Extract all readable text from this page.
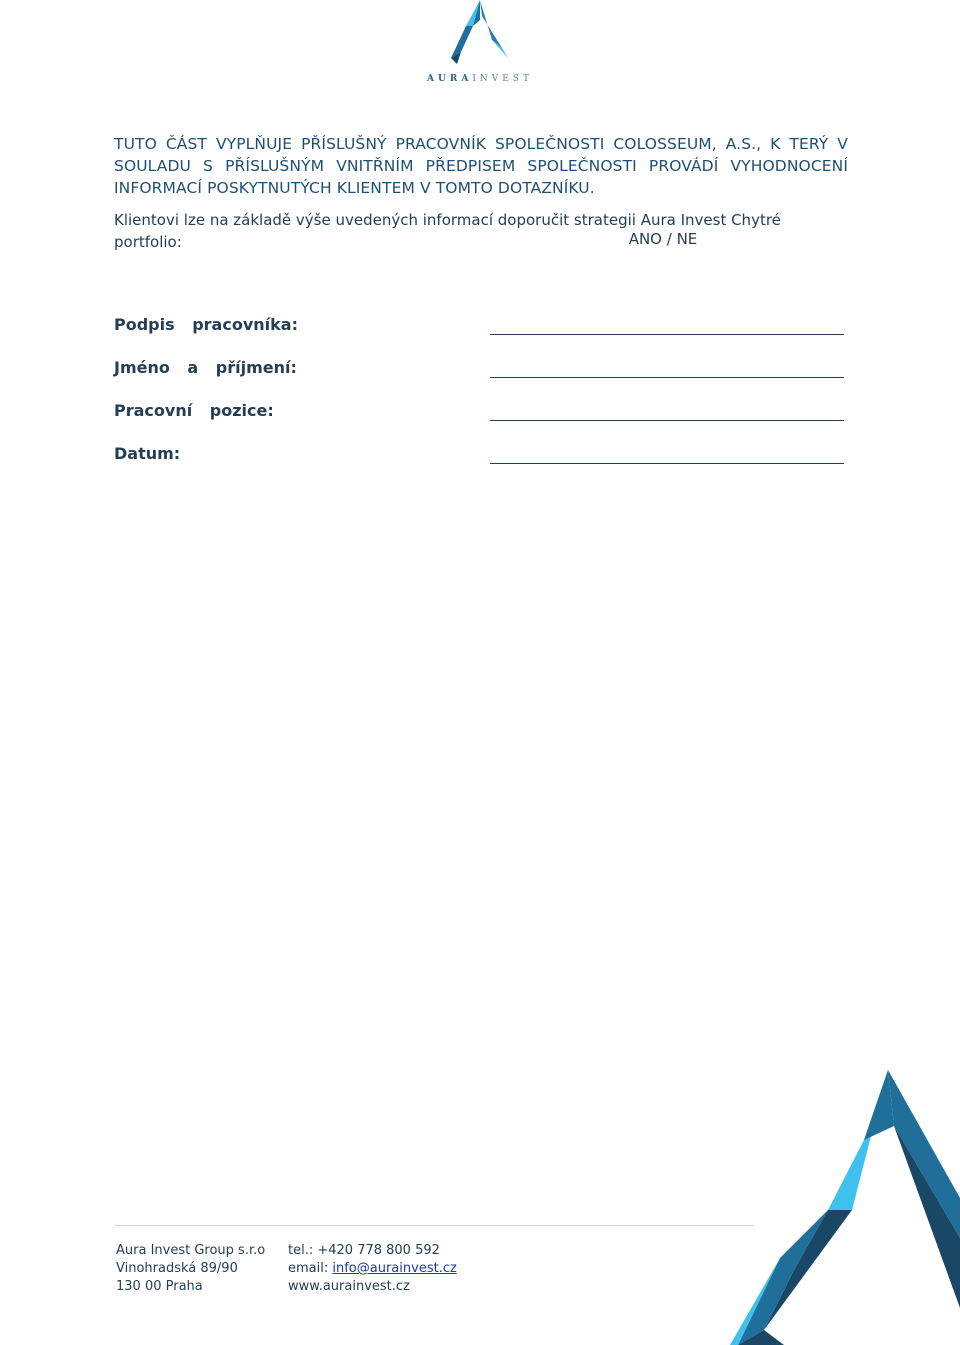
AURAINVEST

TUTO ČÁST VYPLŇUJE PŘÍSLUŠNÝ PRACOVNÍK SPOLEČNOSTI COLOSSEUM, A.S., K TERÝ V SOULADU S PŘÍSLUŠNÝM VNITŘNÍM PŘEDPISEM SPOLEČNOSTI PROVÁDÍ VYHODNOCENÍ INFORMACÍ POSKYTNUTÝCH KLIENTEM V TOMTO DOTAZNÍKU.

Klientovi lze na základě výše uvedených informací doporučit strategii Aura Invest Chytré portfolio:	ANO / NE
Podpis pracovníka:
Jméno a příjmení:
Pracovní pozice:
Datum:
Aura Invest Group s.r.o
Vinohradská 89/90
130 00 Praha
tel.: +420 778 800 592
email: info@aurainvest.cz
www.aurainvest.cz
